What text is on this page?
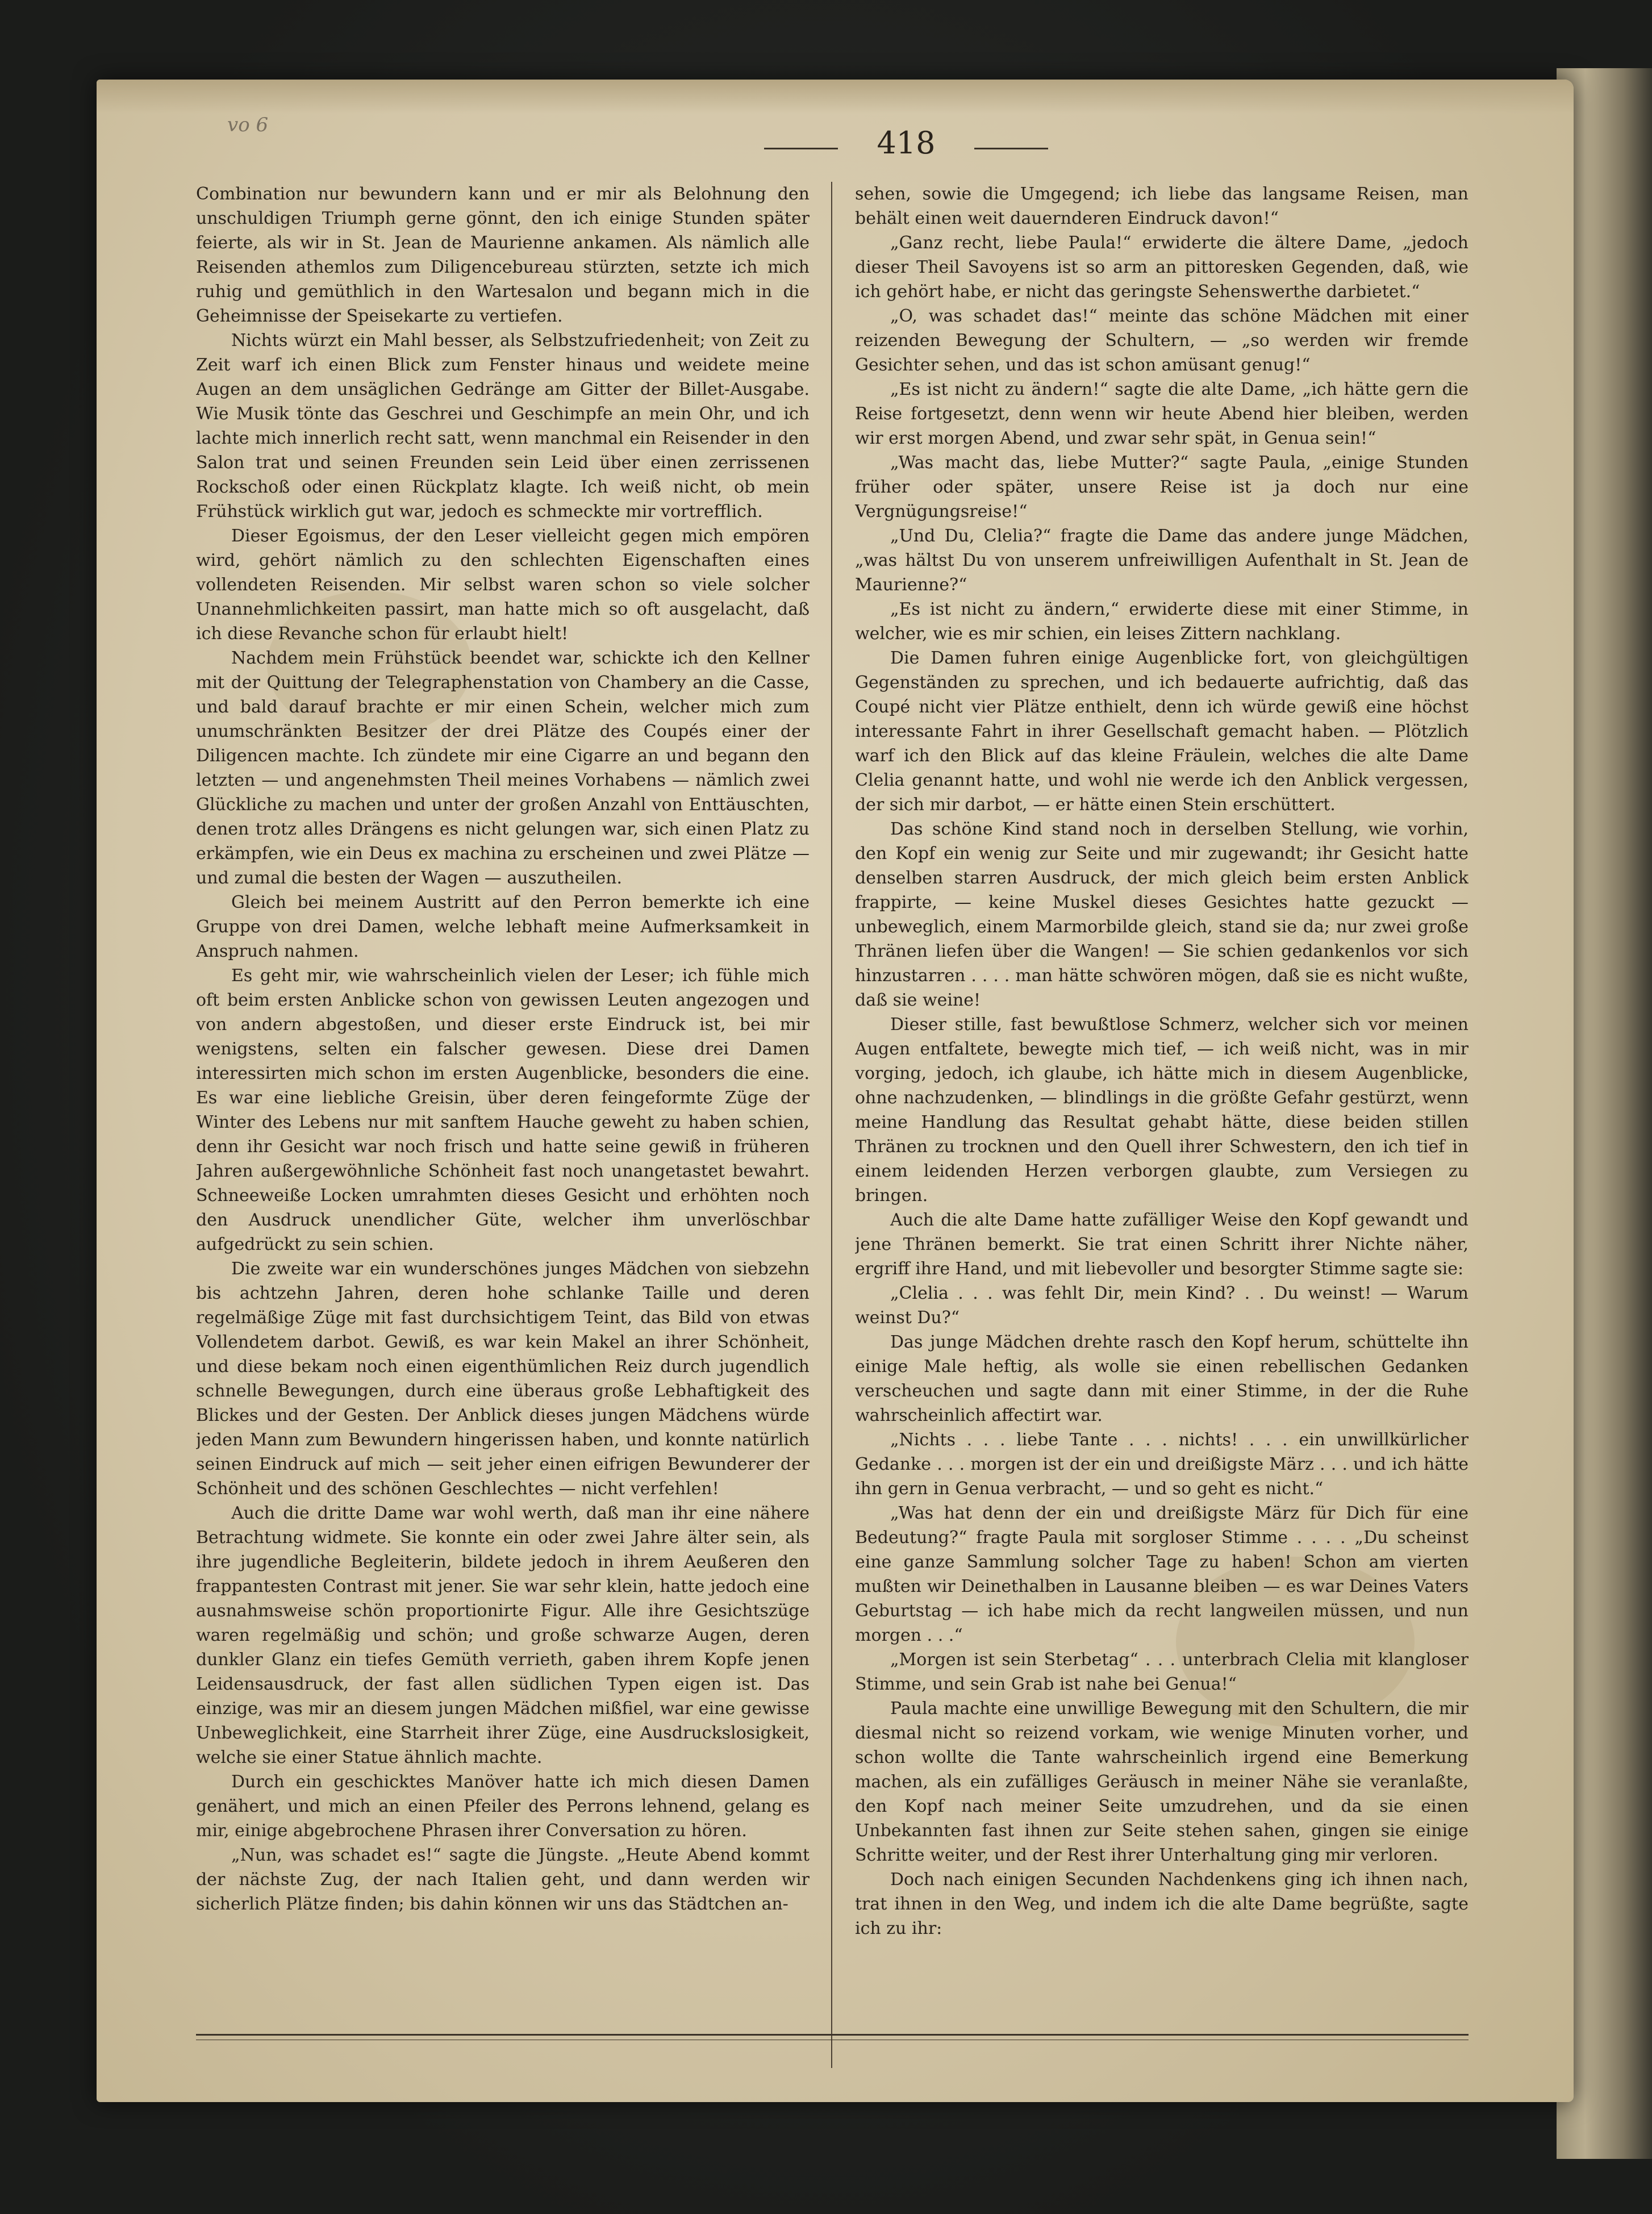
vo 6	418

Combination nur bewundern kann und er mir als Belohnung den unschuldigen Triumph gerne gönnt, den ich einige Stunden später feierte, als wir in St. Jean de Maurienne ankamen. Als nämlich alle Reisenden athemlos zum Diligencebureau stürzten, setzte ich mich ruhig und gemüthlich in den Wartesalon und begann mich in die Geheimnisse der Speisekarte zu vertiefen.

Nichts würzt ein Mahl besser, als Selbstzufriedenheit; von Zeit zu Zeit warf ich einen Blick zum Fenster hinaus und weidete meine Augen an dem unsäglichen Gedränge am Gitter der Billet-Ausgabe. Wie Musik tönte das Geschrei und Geschimpfe an mein Ohr, und ich lachte mich innerlich recht satt, wenn manchmal ein Reisender in den Salon trat und seinen Freunden sein Leid über einen zerrissenen Rockschoß oder einen Rückplatz klagte. Ich weiß nicht, ob mein Frühstück wirklich gut war, jedoch es schmeckte mir vortrefflich.

Dieser Egoismus, der den Leser vielleicht gegen mich empören wird, gehört nämlich zu den schlechten Eigenschaften eines vollendeten Reisenden. Mir selbst waren schon so viele solcher Unannehmlichkeiten passirt, man hatte mich so oft ausgelacht, daß ich diese Revanche schon für erlaubt hielt!

Nachdem mein Frühstück beendet war, schickte ich den Kellner mit der Quittung der Telegraphenstation von Chambery an die Casse, und bald darauf brachte er mir einen Schein, welcher mich zum unumschränkten Besitzer der drei Plätze des Coupés einer der Diligencen machte. Ich zündete mir eine Cigarre an und begann den letzten — und angenehmsten Theil meines Vorhabens — nämlich zwei Glückliche zu machen und unter der großen Anzahl von Enttäuschten, denen trotz alles Drängens es nicht gelungen war, sich einen Platz zu erkämpfen, wie ein Deus ex machina zu erscheinen und zwei Plätze — und zumal die besten der Wagen — auszutheilen.

Gleich bei meinem Austritt auf den Perron bemerkte ich eine Gruppe von drei Damen, welche lebhaft meine Aufmerksamkeit in Anspruch nahmen.

Es geht mir, wie wahrscheinlich vielen der Leser; ich fühle mich oft beim ersten Anblicke schon von gewissen Leuten angezogen und von andern abgestoßen, und dieser erste Eindruck ist, bei mir wenigstens, selten ein falscher gewesen. Diese drei Damen interessirten mich schon im ersten Augenblicke, besonders die eine. Es war eine liebliche Greisin, über deren feingeformte Züge der Winter des Lebens nur mit sanftem Hauche geweht zu haben schien, denn ihr Gesicht war noch frisch und hatte seine gewiß in früheren Jahren außergewöhnliche Schönheit fast noch unangetastet bewahrt. Schneeweiße Locken umrahmten dieses Gesicht und erhöhten noch den Ausdruck unendlicher Güte, welcher ihm unverlöschbar aufgedrückt zu sein schien.

Die zweite war ein wunderschönes junges Mädchen von siebzehn bis achtzehn Jahren, deren hohe schlanke Taille und deren regelmäßige Züge mit fast durchsichtigem Teint, das Bild von etwas Vollendetem darbot. Gewiß, es war kein Makel an ihrer Schönheit, und diese bekam noch einen eigenthümlichen Reiz durch jugendlich schnelle Bewegungen, durch eine überaus große Lebhaftigkeit des Blickes und der Gesten. Der Anblick dieses jungen Mädchens würde jeden Mann zum Bewundern hingerissen haben, und konnte natürlich seinen Eindruck auf mich — seit jeher einen eifrigen Bewunderer der Schönheit und des schönen Geschlechtes — nicht verfehlen!

Auch die dritte Dame war wohl werth, daß man ihr eine nähere Betrachtung widmete. Sie konnte ein oder zwei Jahre älter sein, als ihre jugendliche Begleiterin, bildete jedoch in ihrem Aeußeren den frappantesten Contrast mit jener. Sie war sehr klein, hatte jedoch eine ausnahmsweise schön proportionirte Figur. Alle ihre Gesichtszüge waren regelmäßig und schön; und große schwarze Augen, deren dunkler Glanz ein tiefes Gemüth verrieth, gaben ihrem Kopfe jenen Leidensausdruck, der fast allen südlichen Typen eigen ist. Das einzige, was mir an diesem jungen Mädchen mißfiel, war eine gewisse Unbeweglichkeit, eine Starrheit ihrer Züge, eine Ausdruckslosigkeit, welche sie einer Statue ähnlich machte.

Durch ein geschicktes Manöver hatte ich mich diesen Damen genähert, und mich an einen Pfeiler des Perrons lehnend, gelang es mir, einige abgebrochene Phrasen ihrer Conversation zu hören.

„Nun, was schadet es!“ sagte die Jüngste. „Heute Abend kommt der nächste Zug, der nach Italien geht, und dann werden wir sicherlich Plätze finden; bis dahin können wir uns das Städtchen an-

sehen, sowie die Umgegend; ich liebe das langsame Reisen, man behält einen weit dauernderen Eindruck davon!“

„Ganz recht, liebe Paula!“ erwiderte die ältere Dame, „jedoch dieser Theil Savoyens ist so arm an pittoresken Gegenden, daß, wie ich gehört habe, er nicht das geringste Sehenswerthe darbietet.“

„O, was schadet das!“ meinte das schöne Mädchen mit einer reizenden Bewegung der Schultern, — „so werden wir fremde Gesichter sehen, und das ist schon amüsant genug!“

„Es ist nicht zu ändern!“ sagte die alte Dame, „ich hätte gern die Reise fortgesetzt, denn wenn wir heute Abend hier bleiben, werden wir erst morgen Abend, und zwar sehr spät, in Genua sein!“

„Was macht das, liebe Mutter?“ sagte Paula, „einige Stunden früher oder später, unsere Reise ist ja doch nur eine Vergnügungsreise!“

„Und Du, Clelia?“ fragte die Dame das andere junge Mädchen, „was hältst Du von unserem unfreiwilligen Aufenthalt in St. Jean de Maurienne?“

„Es ist nicht zu ändern,“ erwiderte diese mit einer Stimme, in welcher, wie es mir schien, ein leises Zittern nachklang.

Die Damen fuhren einige Augenblicke fort, von gleichgültigen Gegenständen zu sprechen, und ich bedauerte aufrichtig, daß das Coupé nicht vier Plätze enthielt, denn ich würde gewiß eine höchst interessante Fahrt in ihrer Gesellschaft gemacht haben. — Plötzlich warf ich den Blick auf das kleine Fräulein, welches die alte Dame Clelia genannt hatte, und wohl nie werde ich den Anblick vergessen, der sich mir darbot, — er hätte einen Stein erschüttert.

Das schöne Kind stand noch in derselben Stellung, wie vorhin, den Kopf ein wenig zur Seite und mir zugewandt; ihr Gesicht hatte denselben starren Ausdruck, der mich gleich beim ersten Anblick frappirte, — keine Muskel dieses Gesichtes hatte gezuckt — unbeweglich, einem Marmorbilde gleich, stand sie da; nur zwei große Thränen liefen über die Wangen! — Sie schien gedankenlos vor sich hinzustarren . . . . man hätte schwören mögen, daß sie es nicht wußte, daß sie weine!

Dieser stille, fast bewußtlose Schmerz, welcher sich vor meinen Augen entfaltete, bewegte mich tief, — ich weiß nicht, was in mir vorging, jedoch, ich glaube, ich hätte mich in diesem Augenblicke, ohne nachzudenken, — blindlings in die größte Gefahr gestürzt, wenn meine Handlung das Resultat gehabt hätte, diese beiden stillen Thränen zu trocknen und den Quell ihrer Schwestern, den ich tief in einem leidenden Herzen verborgen glaubte, zum Versiegen zu bringen.

Auch die alte Dame hatte zufälliger Weise den Kopf gewandt und jene Thränen bemerkt. Sie trat einen Schritt ihrer Nichte näher, ergriff ihre Hand, und mit liebevoller und besorgter Stimme sagte sie:

„Clelia . . . was fehlt Dir, mein Kind? . . Du weinst! — Warum weinst Du?“

Das junge Mädchen drehte rasch den Kopf herum, schüttelte ihn einige Male heftig, als wolle sie einen rebellischen Gedanken verscheuchen und sagte dann mit einer Stimme, in der die Ruhe wahrscheinlich affectirt war.

„Nichts . . . liebe Tante . . . nichts! . . . ein unwillkürlicher Gedanke . . . morgen ist der ein und dreißigste März . . . und ich hätte ihn gern in Genua verbracht, — und so geht es nicht.“

„Was hat denn der ein und dreißigste März für Dich für eine Bedeutung?“ fragte Paula mit sorgloser Stimme . . . . „Du scheinst eine ganze Sammlung solcher Tage zu haben! Schon am vierten mußten wir Deinethalben in Lausanne bleiben — es war Deines Vaters Geburtstag — ich habe mich da recht langweilen müssen, und nun morgen . . .“

„Morgen ist sein Sterbetag“ . . . unterbrach Clelia mit klangloser Stimme, und sein Grab ist nahe bei Genua!“

Paula machte eine unwillige Bewegung mit den Schultern, die mir diesmal nicht so reizend vorkam, wie wenige Minuten vorher, und schon wollte die Tante wahrscheinlich irgend eine Bemerkung machen, als ein zufälliges Geräusch in meiner Nähe sie veranlaßte, den Kopf nach meiner Seite umzudrehen, und da sie einen Unbekannten fast ihnen zur Seite stehen sahen, gingen sie einige Schritte weiter, und der Rest ihrer Unterhaltung ging mir verloren.

Doch nach einigen Secunden Nachdenkens ging ich ihnen nach, trat ihnen in den Weg, und indem ich die alte Dame begrüßte, sagte ich zu ihr:
